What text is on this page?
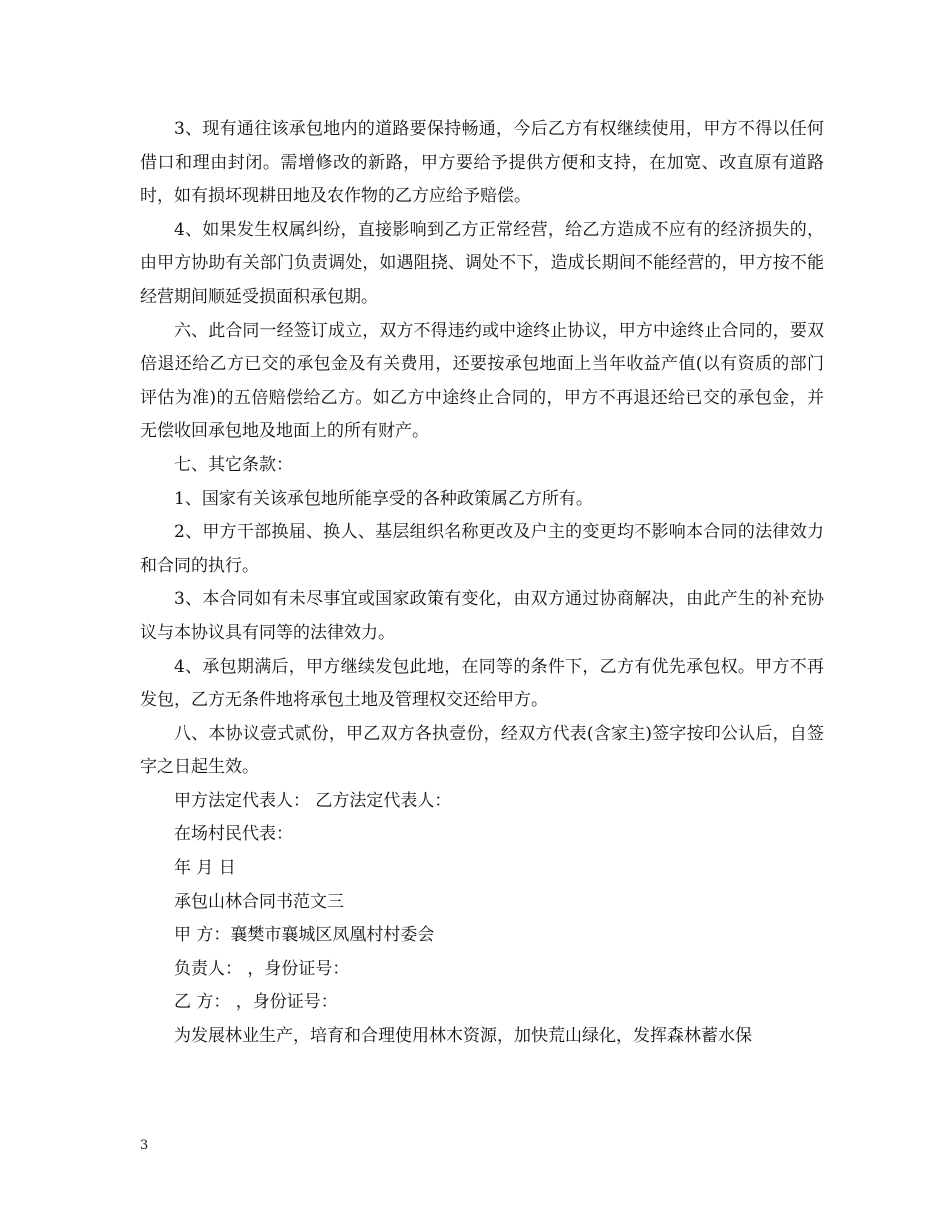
3、现有通往该承包地内的道路要保持畅通，今后乙方有权继续使用，甲方不得以任何借口和理由封闭。需增修改的新路，甲方要给予提供方便和支持，在加宽、改直原有道路时，如有损坏现耕田地及农作物的乙方应给予赔偿。

4、如果发生权属纠纷，直接影响到乙方正常经营，给乙方造成不应有的经济损失的，由甲方协助有关部门负责调处，如遇阻挠、调处不下，造成长期间不能经营的，甲方按不能经营期间顺延受损面积承包期。

六、此合同一经签订成立，双方不得违约或中途终止协议，甲方中途终止合同的，要双倍退还给乙方已交的承包金及有关费用，还要按承包地面上当年收益产值(以有资质的部门评估为准)的五倍赔偿给乙方。如乙方中途终止合同的，甲方不再退还给已交的承包金，并无偿收回承包地及地面上的所有财产。

七、其它条款：

1、国家有关该承包地所能享受的各种政策属乙方所有。

2、甲方干部换届、换人、基层组织名称更改及户主的变更均不影响本合同的法律效力和合同的执行。

3、本合同如有未尽事宜或国家政策有变化，由双方通过协商解决，由此产生的补充协议与本协议具有同等的法律效力。

4、承包期满后，甲方继续发包此地，在同等的条件下，乙方有优先承包权。甲方不再发包，乙方无条件地将承包土地及管理权交还给甲方。

八、本协议壹式贰份，甲乙双方各执壹份，经双方代表(含家主)签字按印公认后，自签字之日起生效。

甲方法定代表人： 乙方法定代表人：

在场村民代表：

年 月 日

承包山林合同书范文三

甲 方：襄樊市襄城区凤凰村村委会

负责人： ，身份证号：

乙 方： ，身份证号：

为发展林业生产，培育和合理使用林木资源，加快荒山绿化，发挥森林蓄水保

3
